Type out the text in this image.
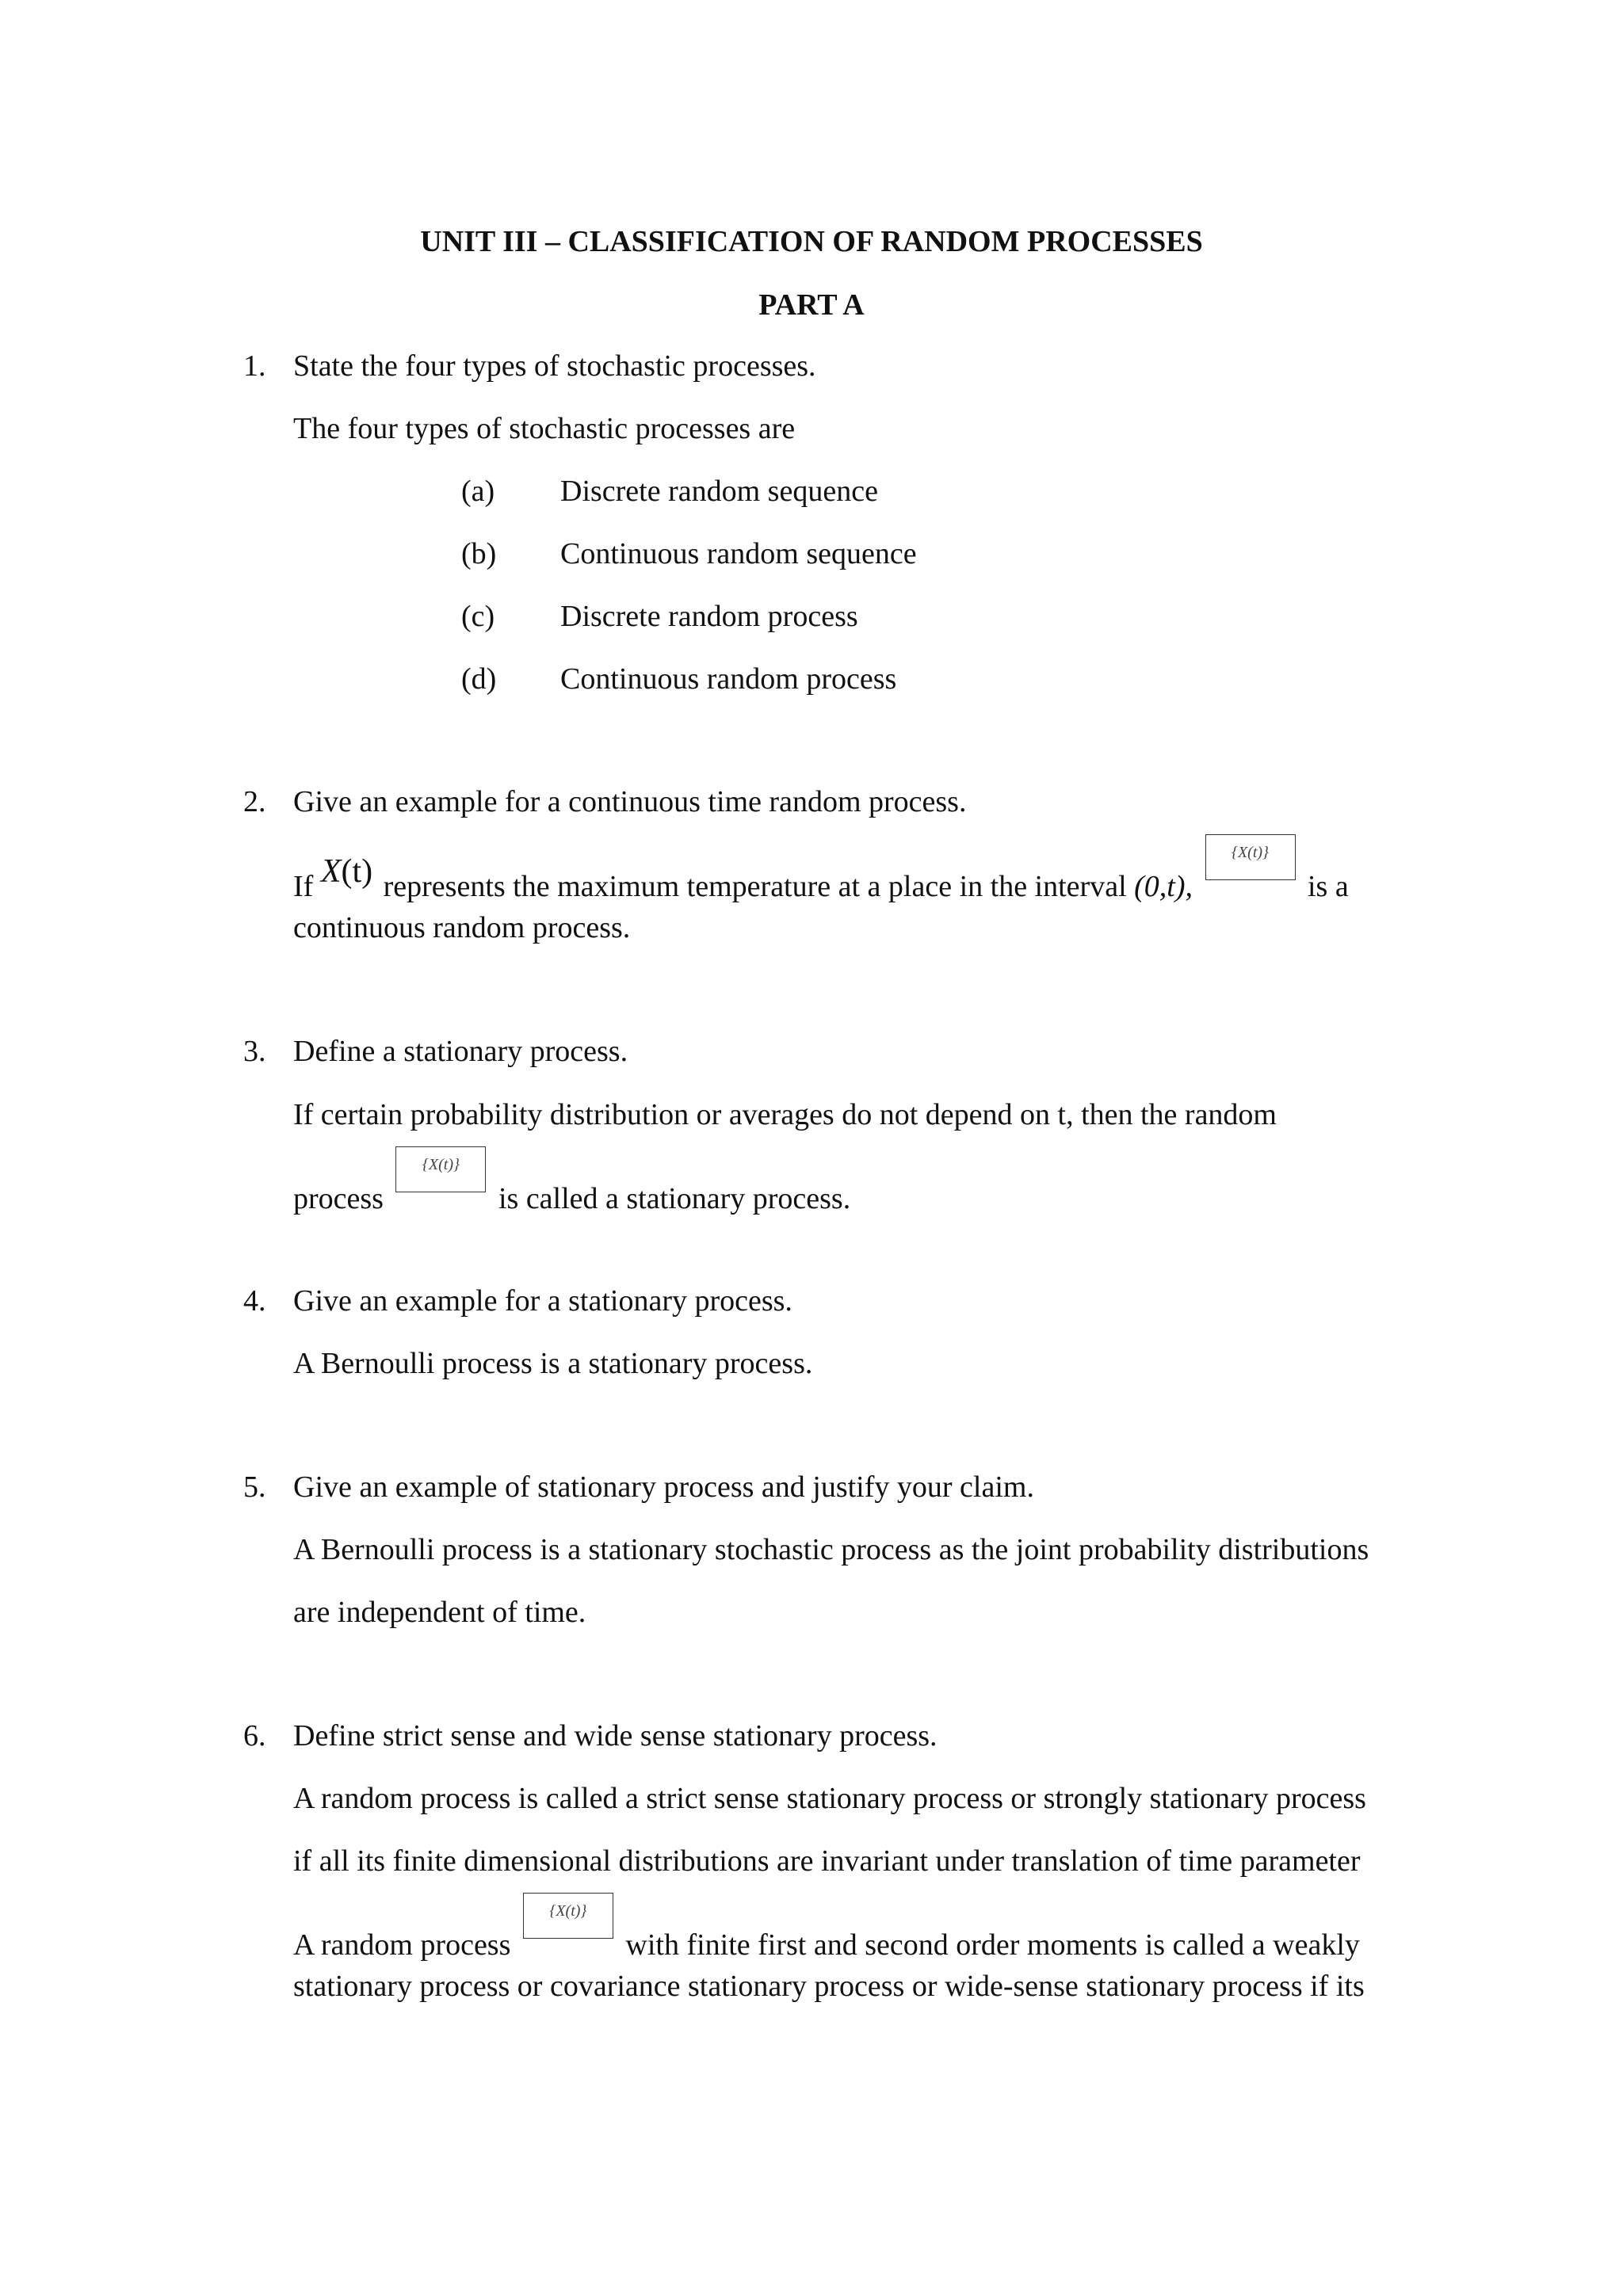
UNIT III – CLASSIFICATION OF RANDOM PROCESSES
PART A
1. State the four types of stochastic processes.
The four types of stochastic processes are
(a) Discrete random sequence
(b) Continuous random sequence
(c) Discrete random process
(d) Continuous random process
2. Give an example for a continuous time random process.
If X(t) represents the maximum temperature at a place in the interval (0,t),
{X(t)}
is a
continuous random process.
3. Define a stationary process.
If certain probability distribution or averages do not depend on t, then the random
process
{X(t)}
is called a stationary process.
4. Give an example for a stationary process.
A Bernoulli process is a stationary process.
5. Give an example of stationary process and justify your claim.
A Bernoulli process is a stationary stochastic process as the joint probability distributions
are independent of time.
6. Define strict sense and wide sense stationary process.
A random process is called a strict sense stationary process or strongly stationary process
if all its finite dimensional distributions are invariant under translation of time parameter
A random process
{X(t)}
with finite first and second order moments is called a weakly
stationary process or covariance stationary process or wide-sense stationary process if its
